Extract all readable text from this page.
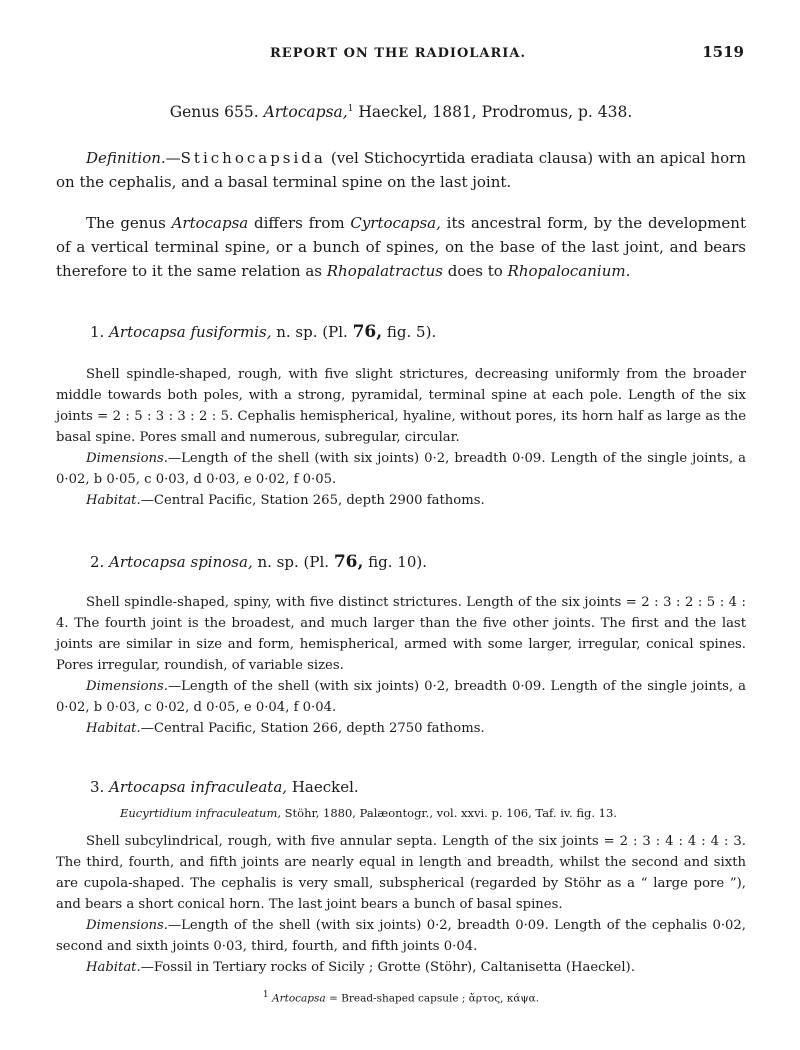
REPORT ON THE RADIOLARIA.	1519
Genus 655. Artocapsa,$^1$ Haeckel, 1881, Prodromus, p. 438.
Definition.—Stichocapsida (vel Stichocyrtida eradiata clausa) with an apical horn on the cephalis, and a basal terminal spine on the last joint.
The genus Artocapsa differs from Cyrtocapsa, its ancestral form, by the development of a vertical terminal spine, or a bunch of spines, on the base of the last joint, and bears therefore to it the same relation as Rhopalatractus does to Rhopalocanium.
1. Artocapsa fusiformis, n. sp. (Pl. 76, fig. 5).

Shell spindle-shaped, rough, with five slight strictures, decreasing uniformly from the broader middle towards both poles, with a strong, pyramidal, terminal spine at each pole. Length of the six joints = 2 : 5 : 3 : 3 : 2 : 5. Cephalis hemispherical, hyaline, without pores, its horn half as large as the basal spine. Pores small and numerous, subregular, circular.

Dimensions.—Length of the shell (with six joints) 0·2, breadth 0·09. Length of the single joints, a 0·02, b 0·05, c 0·03, d 0·03, e 0·02, f 0·05.

Habitat.—Central Pacific, Station 265, depth 2900 fathoms.

2. Artocapsa spinosa, n. sp. (Pl. 76, fig. 10).

Shell spindle-shaped, spiny, with five distinct strictures. Length of the six joints = 2 : 3 : 2 : 5 : 4 : 4. The fourth joint is the broadest, and much larger than the five other joints. The first and the last joints are similar in size and form, hemispherical, armed with some larger, irregular, conical spines. Pores irregular, roundish, of variable sizes.

Dimensions.—Length of the shell (with six joints) 0·2, breadth 0·09. Length of the single joints, a 0·02, b 0·03, c 0·02, d 0·05, e 0·04, f 0·04.

Habitat.—Central Pacific, Station 266, depth 2750 fathoms.

3. Artocapsa infraculeata, Haeckel.
Eucyrtidium infraculeatum, Stöhr, 1880, Palæontogr., vol. xxvi. p. 106, Taf. iv. fig. 13.

Shell subcylindrical, rough, with five annular septa. Length of the six joints = 2 : 3 : 4 : 4 : 4 : 3. The third, fourth, and fifth joints are nearly equal in length and breadth, whilst the second and sixth are cupola-shaped. The cephalis is very small, subspherical (regarded by Stöhr as a “ large pore ”), and bears a short conical horn. The last joint bears a bunch of basal spines.

Dimensions.—Length of the shell (with six joints) 0·2, breadth 0·09. Length of the cephalis 0·02, second and sixth joints 0·03, third, fourth, and fifth joints 0·04.

Habitat.—Fossil in Tertiary rocks of Sicily ; Grotte (Stöhr), Caltanisetta (Haeckel).

$^1$ Artocapsa = Bread-shaped capsule ; ἄρτος, κάψα.
